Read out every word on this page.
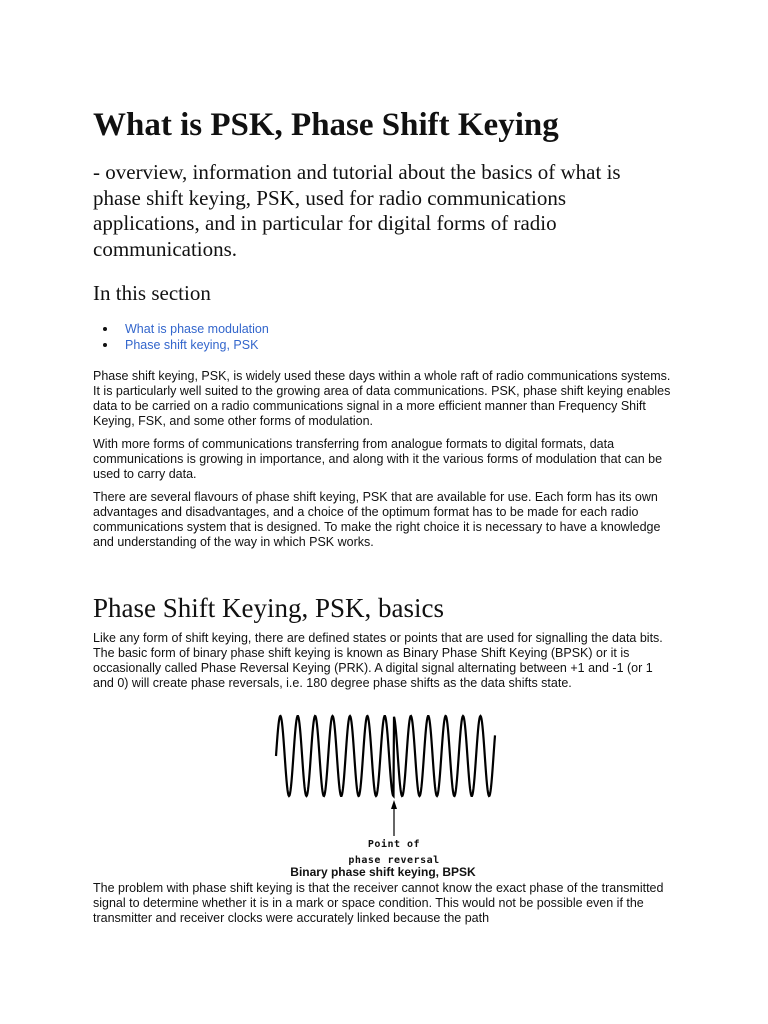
What is PSK, Phase Shift Keying

- overview, information and tutorial about the basics of what is phase shift keying, PSK, used for radio communications applications, and in particular for digital forms of radio communications.

In this section

What is phase modulation
Phase shift keying, PSK

Phase shift keying, PSK, is widely used these days within a whole raft of radio communications systems. It is particularly well suited to the growing area of data communications. PSK, phase shift keying enables data to be carried on a radio communications signal in a more efficient manner than Frequency Shift Keying, FSK, and some other forms of modulation.

With more forms of communications transferring from analogue formats to digital formats, data communications is growing in importance, and along with it the various forms of modulation that can be used to carry data.

There are several flavours of phase shift keying, PSK that are available for use. Each form has its own advantages and disadvantages, and a choice of the optimum format has to be made for each radio communications system that is designed. To make the right choice it is necessary to have a knowledge and understanding of the way in which PSK works.

Phase Shift Keying, PSK, basics

Like any form of shift keying, there are defined states or points that are used for signalling the data bits. The basic form of binary phase shift keying is known as Binary Phase Shift Keying (BPSK) or it is occasionally called Phase Reversal Keying (PRK). A digital signal alternating between +1 and -1 (or 1 and 0) will create phase reversals, i.e. 180 degree phase shifts as the data shifts state.

Point of
phase reversal
Binary phase shift keying, BPSK

The problem with phase shift keying is that the receiver cannot know the exact phase of the transmitted signal to determine whether it is in a mark or space condition. This would not be possible even if the transmitter and receiver clocks were accurately linked because the path
